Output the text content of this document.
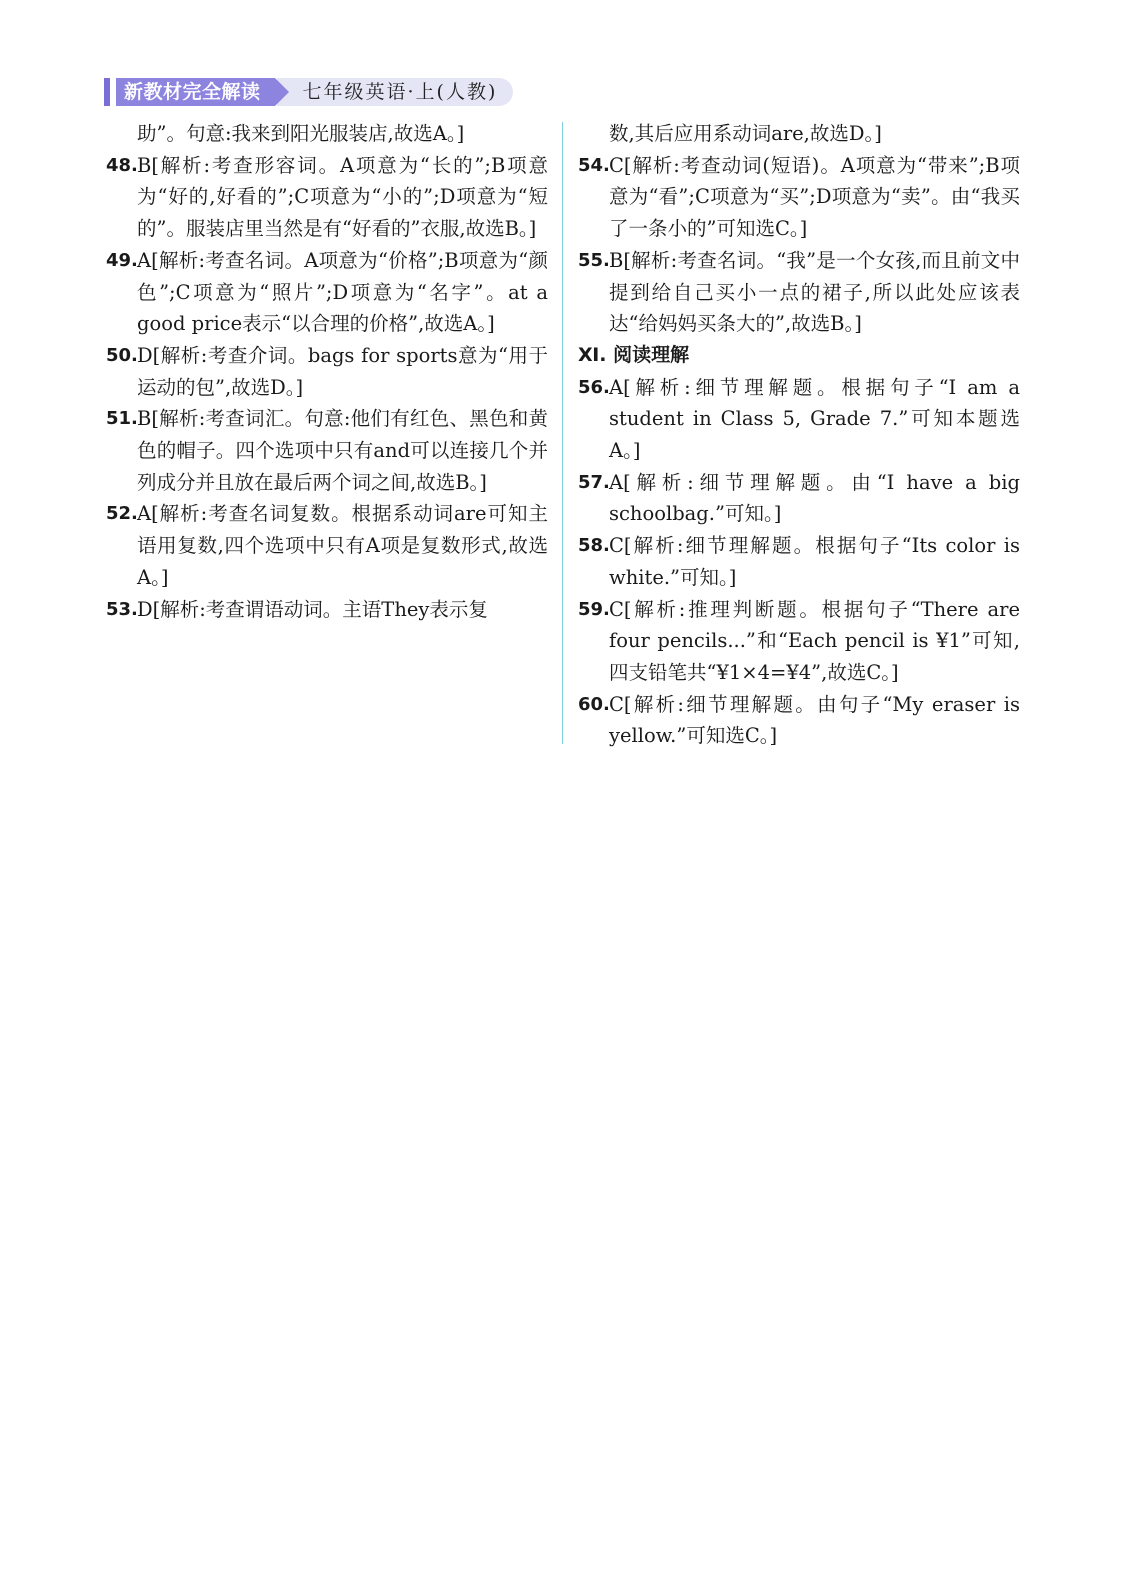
新教材完全解读	七年级英语·上(人教)
助”。句意:我来到阳光服装店,故选A。]
48. B[解析:考查形容词。A项意为“长的”;B项意为“好的,好看的”;C项意为“小的”;D项意为“短的”。服装店里当然是有“好看的”衣服,故选B。]
49. A[解析:考查名词。A项意为“价格”;B项意为“颜色”;C项意为“照片”;D项意为“名字”。at a good price表示“以合理的价格”,故选A。]
50. D[解析:考查介词。bags for sports意为“用于运动的包”,故选D。]
51. B[解析:考查词汇。句意:他们有红色、黑色和黄色的帽子。四个选项中只有and可以连接几个并列成分并且放在最后两个词之间,故选B。]
52. A[解析:考查名词复数。根据系动词are可知主语用复数,四个选项中只有A项是复数形式,故选A。]
53. D[解析:考查谓语动词。主语They表示复
数,其后应用系动词are,故选D。]
54. C[解析:考查动词(短语)。A项意为“带来”;B项意为“看”;C项意为“买”;D项意为“卖”。由“我买了一条小的”可知选C。]
55. B[解析:考查名词。“我”是一个女孩,而且前文中提到给自己买小一点的裙子,所以此处应该表达“给妈妈买条大的”,故选B。]
Ⅺ. 阅读理解
56. A[解析:细节理解题。根据句子“I am a student in Class 5, Grade 7.”可知本题选A。]
57. A[解析:细节理解题。由“I have a big schoolbag.”可知。]
58. C[解析:细节理解题。根据句子“Its color is white.”可知。]
59. C[解析:推理判断题。根据句子“There are four pencils...”和“Each pencil is ¥1”可知,四支铅笔共“¥1×4=¥4”,故选C。]
60. C[解析:细节理解题。由句子“My eraser is yellow.”可知选C。]
